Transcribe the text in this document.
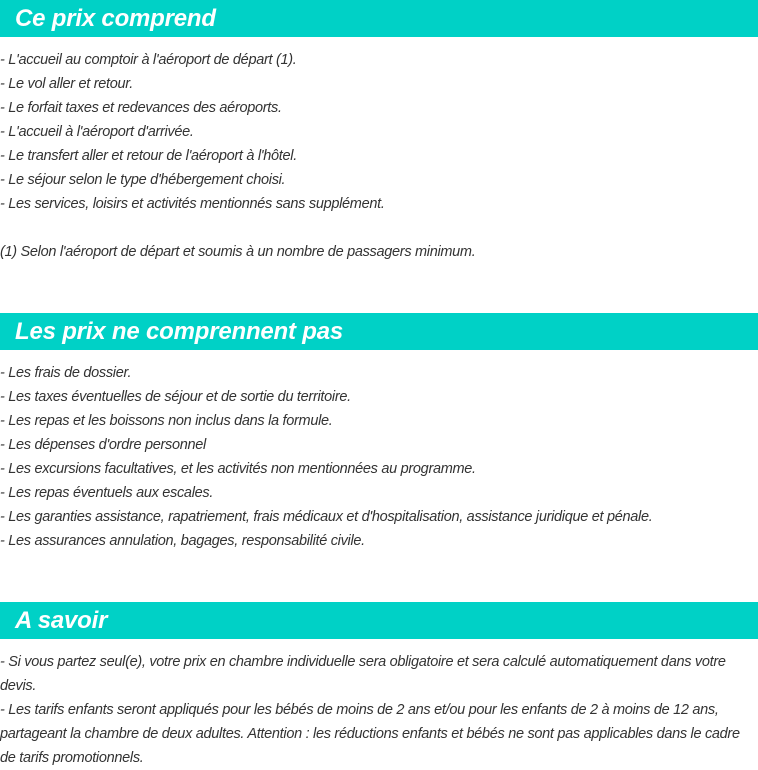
Ce prix comprend
- L'accueil au comptoir à l'aéroport de départ (1).
- Le vol aller et retour.
- Le forfait taxes et redevances des aéroports.
- L'accueil à l'aéroport d'arrivée.
- Le transfert aller et retour de l'aéroport à l'hôtel.
- Le séjour selon le type d'hébergement choisi.
- Les services, loisirs et activités mentionnés sans supplément.

(1) Selon l'aéroport de départ et soumis à un nombre de passagers minimum.

Les prix ne comprennent pas
- Les frais de dossier.
- Les taxes éventuelles de séjour et de sortie du territoire.
- Les repas et les boissons non inclus dans la formule.
- Les dépenses d'ordre personnel
- Les excursions facultatives, et les activités non mentionnées au programme.
- Les repas éventuels aux escales.
- Les garanties assistance, rapatriement, frais médicaux et d'hospitalisation, assistance juridique et pénale.
- Les assurances annulation, bagages, responsabilité civile.
A savoir

- Si vous partez seul(e), votre prix en chambre individuelle sera obligatoire et sera calculé automatiquement dans votre devis.

- Les tarifs enfants seront appliqués pour les bébés de moins de 2 ans et/ou pour les enfants de 2 à moins de 12 ans, partageant la chambre de deux adultes. Attention : les réductions enfants et bébés ne sont pas applicables dans le cadre de tarifs promotionnels.
